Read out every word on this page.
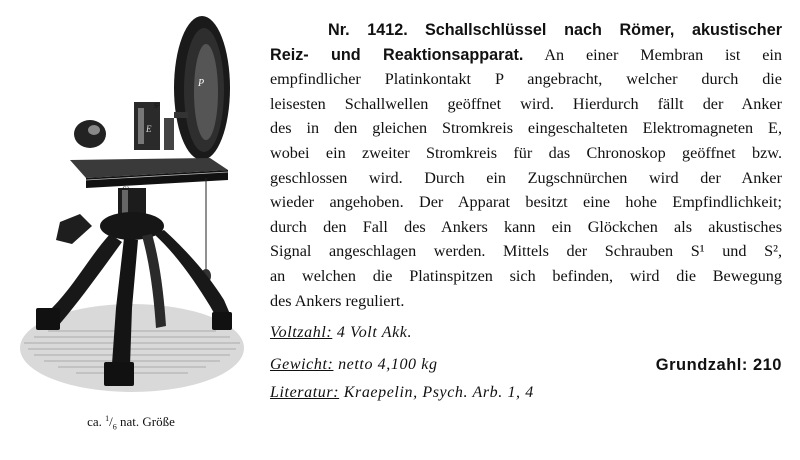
P
E
S¹
ca. $^1/_6$ nat. Größe
Nr. 1412. Schallschlüssel nach Römer, akustischer
Reiz- und Reaktionsapparat. An einer Membran ist ein
empfindlicher Platinkontakt P angebracht, welcher durch die
leisesten Schallwellen geöffnet wird. Hierdurch fällt der Anker
des in den gleichen Stromkreis eingeschalteten Elektromagneten E,
wobei ein zweiter Stromkreis für das Chronoskop geöffnet bzw.
geschlossen wird. Durch ein Zugschnürchen wird der Anker
wieder angehoben. Der Apparat besitzt eine hohe Empfindlichkeit;
durch den Fall des Ankers kann ein Glöckchen als akustisches
Signal angeschlagen werden. Mittels der Schrauben S¹ und S²,
an welchen die Platinspitzen sich befinden, wird die Bewegung
des Ankers reguliert.
Voltzahl: 4 Volt Akk.
Gewicht: netto 4,100 kg	Grundzahl: 210
Literatur: Kraepelin, Psych. Arb. 1, 4
